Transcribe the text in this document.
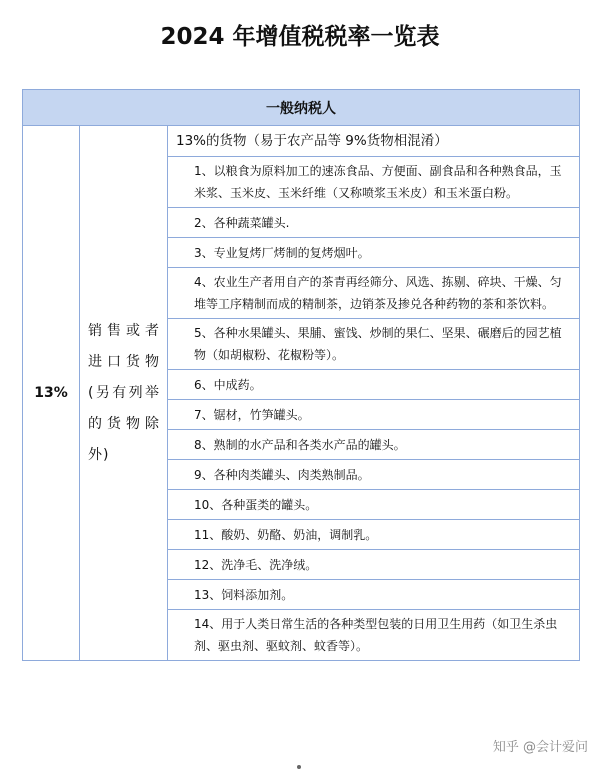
2024 年增值税税率一览表
一般纳税人
13%	销售或者进口货物(另有列举的货物除外)	13%的货物（易于农产品等 9%货物相混淆）
1、以粮食为原料加工的速冻食品、方便面、副食品和各种熟食品，玉米浆、玉米皮、玉米纤维（又称喷浆玉米皮）和玉米蛋白粉。
2、各种蔬菜罐头.
3、专业复烤厂烤制的复烤烟叶。
4、农业生产者用自产的茶青再经筛分、风选、拣剔、碎块、干燥、匀堆等工序精制而成的精制茶，边销茶及掺兑各种药物的茶和茶饮料。
5、各种水果罐头、果脯、蜜饯、炒制的果仁、坚果、碾磨后的园艺植物（如胡椒粉、花椒粉等）。
6、中成药。
7、锯材，竹笋罐头。
8、熟制的水产品和各类水产品的罐头。
9、各种肉类罐头、肉类熟制品。
10、各种蛋类的罐头。
11、酸奶、奶酪、奶油，调制乳。
12、洗净毛、洗净绒。
13、饲料添加剂。
14、用于人类日常生活的各种类型包装的日用卫生用药（如卫生杀虫剂、驱虫剂、驱蚊剂、蚊香等）。
知乎 @会计爱问
